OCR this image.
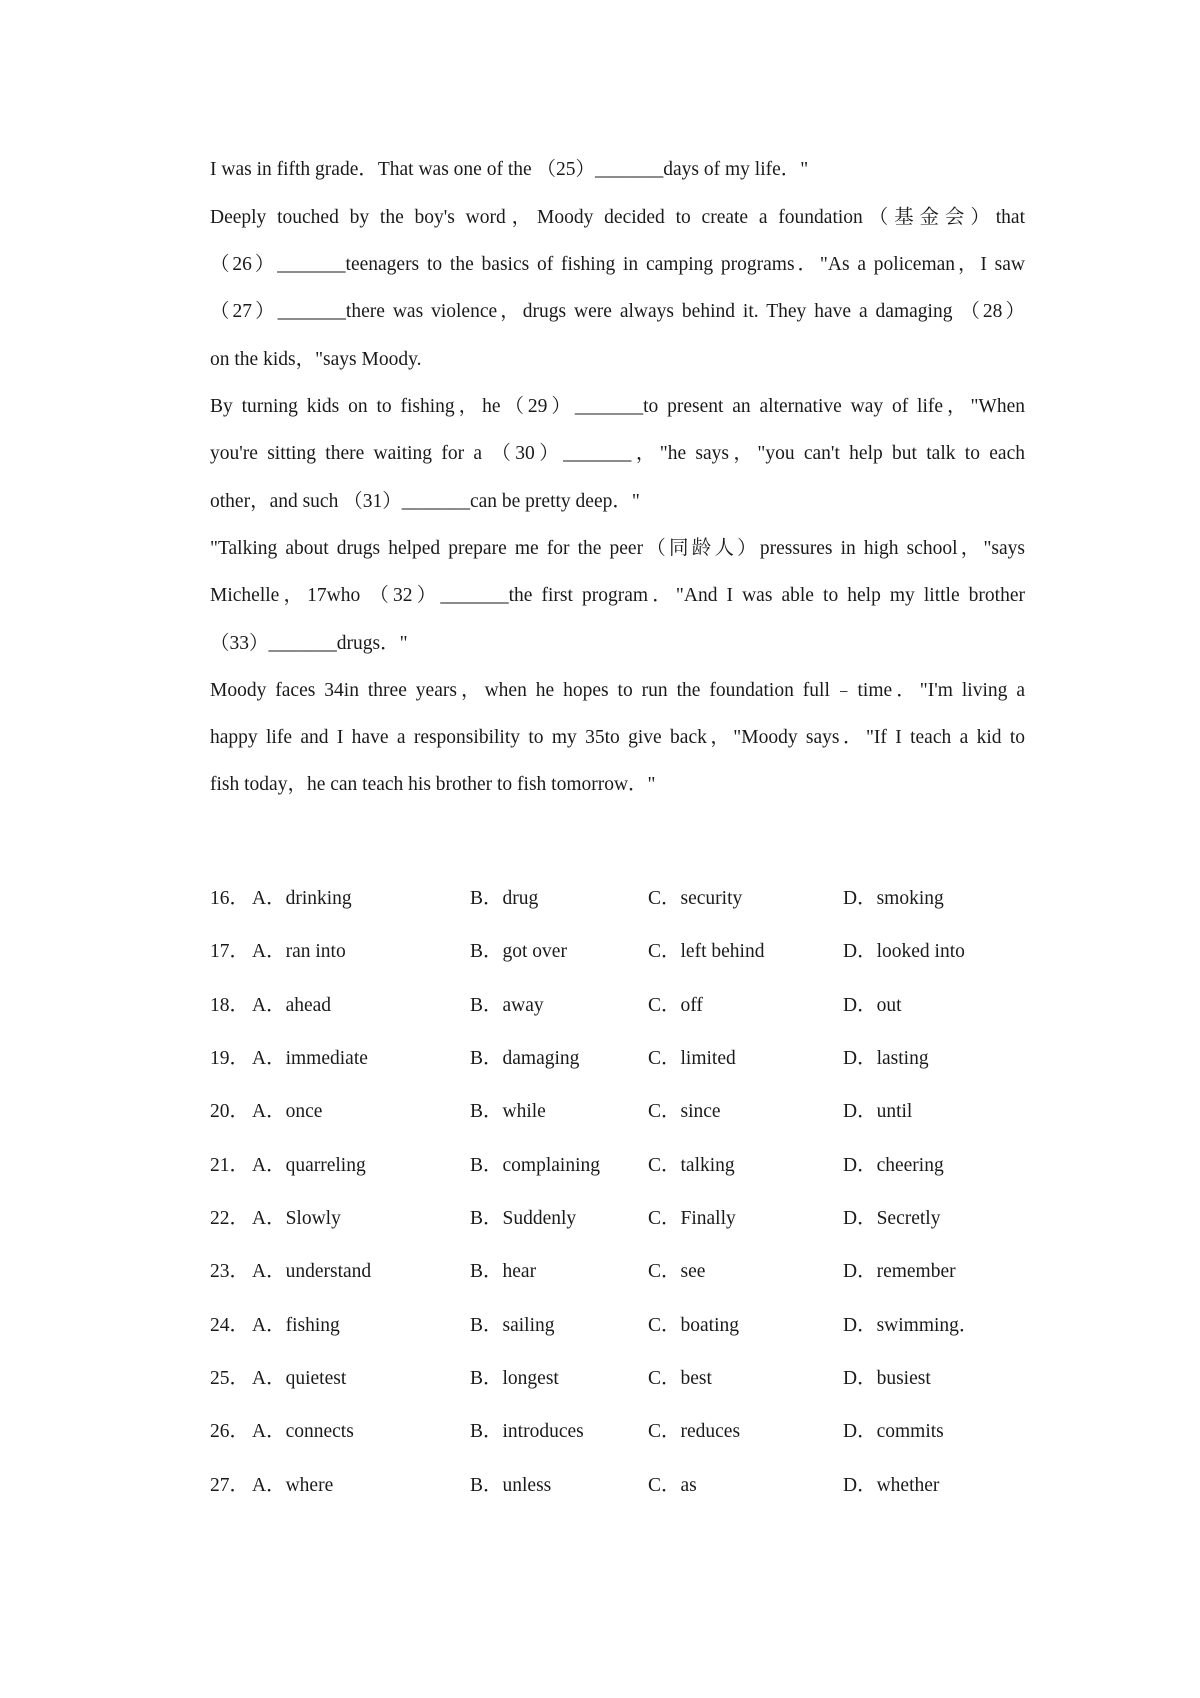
I was in fifth grade．That was one of the （25）_______days of my life．"
Deeply touched by the boy's word，Moody decided to create a foundation（基金会）that
（26）_______teenagers to the basics of fishing in camping programs．"As a policeman，I saw
（27）_______there was violence，drugs were always behind it. They have a damaging （28）
on the kids，"says Moody.
By turning kids on to fishing，he（29）_______to present an alternative way of life，"When
you're sitting there waiting for a （30）_______，"he says，"you can't help but talk to each
other，and such （31）_______can be pretty deep．"
"Talking about drugs helped prepare me for the peer（同龄人）pressures in high school，"says
Michelle，17who （32）_______the first program．"And I was able to help my little brother
（33）_______drugs．"
Moody faces 34in three years，when he hopes to run the foundation full﹣time．"I'm living a
happy life and I have a responsibility to my 35to give back，"Moody says．"If I teach a kid to
fish today，he can teach his brother to fish tomorrow．"
16． A．drinking	B．drug	C．security	D．smoking
17． A．ran into	B．got over	C．left behind	D．looked into
18． A．ahead	B．away	C．off	D．out
19． A．immediate	B．damaging	C．limited	D．lasting
20． A．once	B．while	C．since	D．until
21． A．quarreling	B．complaining C．talking	D．cheering
22． A．Slowly	B．Suddenly	C．Finally	D．Secretly
23． A．understand	B．hear	C．see	D．remember
24． A．fishing	B．sailing	C．boating	D．swimming．
25． A．quietest	B．longest	C．best	D．busiest
26． A．connects	B．introduces	C．reduces	D．commits
27． A．where	B．unless	C．as	D．whether
